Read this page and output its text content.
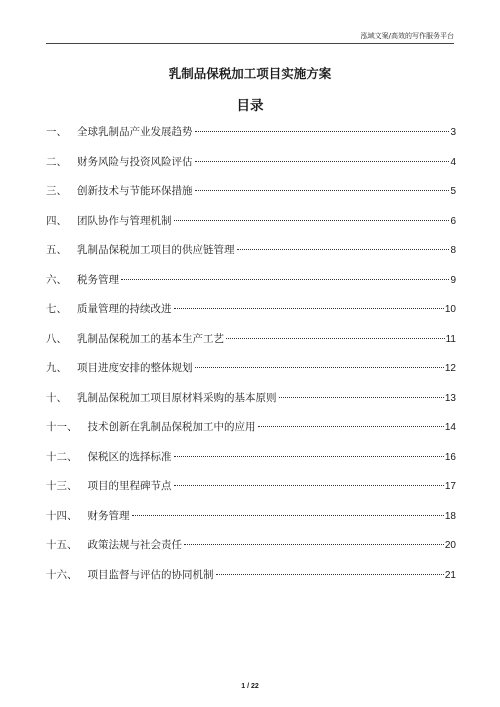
泓域文案/高效的写作服务平台
乳制品保税加工项目实施方案
目录
一、 全球乳制品产业发展趋势	3
二、 财务风险与投资风险评估	4
三、 创新技术与节能环保措施	5
四、 团队协作与管理机制	6
五、 乳制品保税加工项目的供应链管理	8
六、 税务管理	9
七、 质量管理的持续改进	10
八、 乳制品保税加工的基本生产工艺	11
九、 项目进度安排的整体规划	12
十、 乳制品保税加工项目原材料采购的基本原则	13
十一、 技术创新在乳制品保税加工中的应用	14
十二、 保税区的选择标准	16
十三、 项目的里程碑节点	17
十四、 财务管理	18
十五、 政策法规与社会责任	20
十六、 项目监督与评估的协同机制	21
1 / 22
